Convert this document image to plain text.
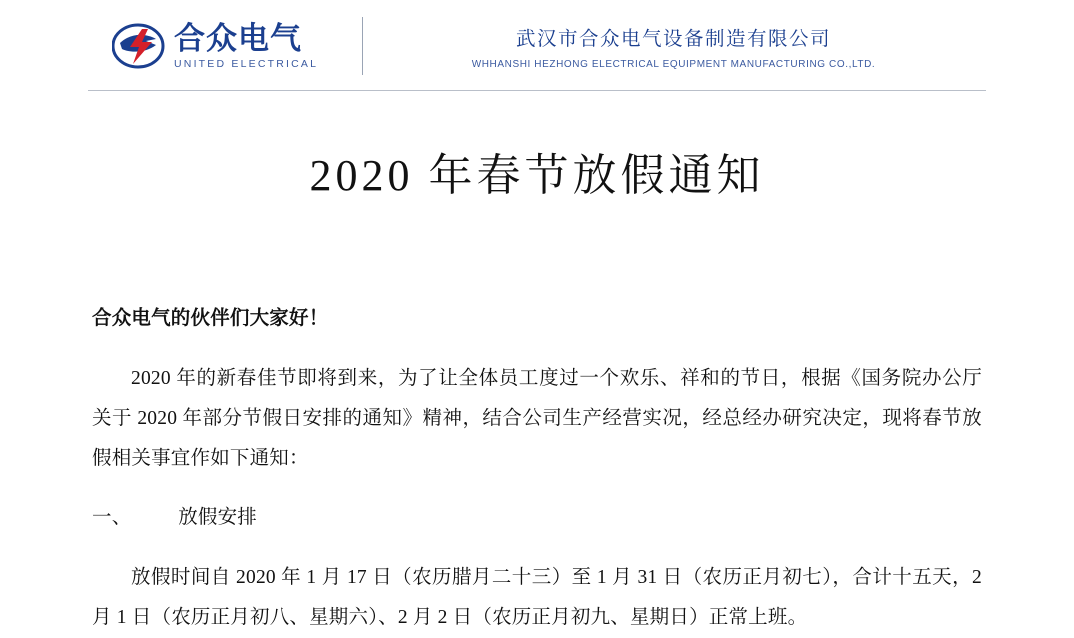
合众电气
UNITED ELECTRICAL
武汉市合众电气设备制造有限公司
WHHANSHI HEZHONG ELECTRICAL EQUIPMENT MANUFACTURING CO.,LTD.
2020 年春节放假通知

合众电气的伙伴们大家好！

2020 年的新春佳节即将到来，为了让全体员工度过一个欢乐、祥和的节日，根据《国务院办公厅关于 2020 年部分节假日安排的通知》精神，结合公司生产经营实况，经总经办研究决定，现将春节放假相关事宜作如下通知：

一、 放假安排

放假时间自 2020 年 1 月 17 日（农历腊月二十三）至 1 月 31 日（农历正月初七），合计十五天，2 月 1 日（农历正月初八、星期六）、2 月 2 日（农历正月初九、星期日）正常上班。
